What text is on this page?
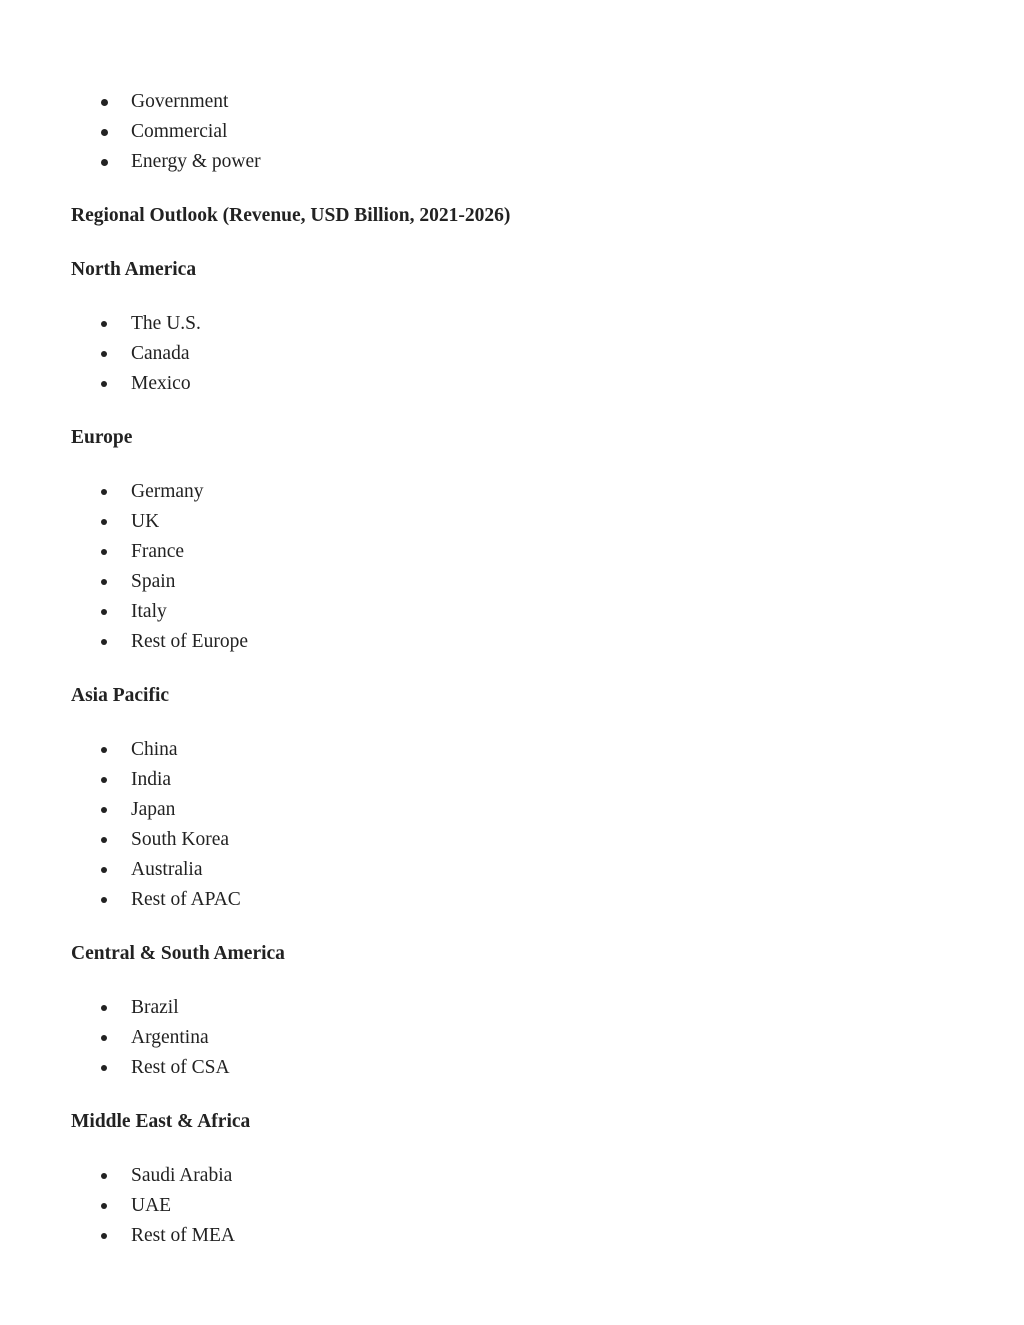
Government
Commercial
Energy & power
Regional Outlook (Revenue, USD Billion, 2021-2026)
North America
The U.S.
Canada
Mexico
Europe
Germany
UK
France
Spain
Italy
Rest of Europe
Asia Pacific
China
India
Japan
South Korea
Australia
Rest of APAC
Central & South America
Brazil
Argentina
Rest of CSA
Middle East & Africa
Saudi Arabia
UAE
Rest of MEA
